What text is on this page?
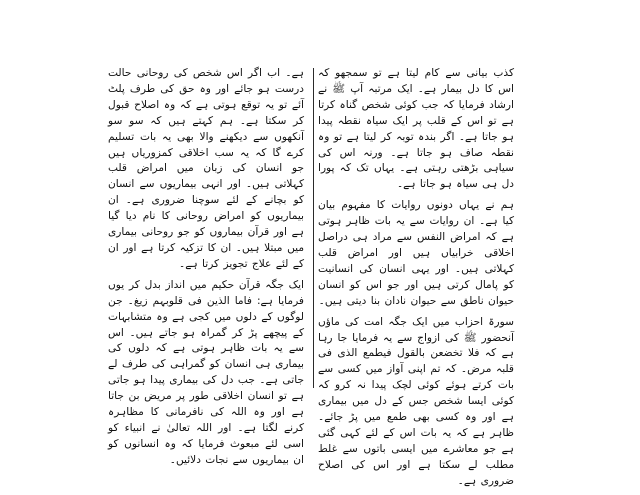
کذب بیانی سے کام لیتا ہے تو سمجھو کہ اس کا دل بیمار ہے۔ ایک مرتبہ آپ ﷺ نے ارشاد فرمایا کہ جب کوئی شخص گناہ کرتا ہے تو اس کے قلب پر ایک سیاہ نقطہ پیدا ہو جاتا ہے۔ اگر بندہ توبہ کر لیتا ہے تو وہ نقطہ صاف ہو جاتا ہے۔ ورنہ اس کی سیاہی بڑھتی رہتی ہے۔ یہاں تک کہ پورا دل ہی سیاہ ہو جاتا ہے۔

ہم نے یہاں دونوں روایات کا مفہوم بیان کیا ہے۔ ان روایات سے یہ بات ظاہر ہوتی ہے کہ امراض النفس سے مراد ہی دراصل اخلاقی خرابیاں ہیں اور امراض قلب کہلاتی ہیں۔ اور یہی انسان کی انسانیت کو پامال کرتی ہیں اور جو اس کو انسان حیوان ناطق سے حیوان نادان بنا دیتی ہیں۔

سورۃ احزاب میں ایک جگہ امت کی ماؤں آنحضور ﷺ کی ازواج سے یہ فرمایا جا رہا ہے کہ فلا تخضعن بالقول فیطمع الذی فی قلبہ مرض۔ کہ تم اپنی آواز میں کسی سے بات کرتے ہوئے کوئی لچک پیدا نہ کرو کہ کوئی ایسا شخص جس کے دل میں بیماری ہے اور وہ کسی بھی طمع میں پڑ جائے۔ ظاہر ہے کہ یہ بات اس کے لئے کہی گئی ہے جو معاشرے میں ایسی باتوں سے غلط مطلب لے سکتا ہے اور اس کی اصلاح ضروری ہے۔

ہے۔ اب اگر اس شخص کی روحانی حالت درست ہو جائے اور وہ حق کی طرف پلٹ آئے تو یہ توقع ہوتی ہے کہ وہ اصلاح قبول کر سکتا ہے۔ ہم کہتے ہیں کہ سو سو آنکھوں سے دیکھنے والا بھی یہ بات تسلیم کرے گا کہ یہ سب اخلاقی کمزوریاں ہیں جو انسان کی زبان میں امراض قلب کہلاتی ہیں۔ اور انہی بیماریوں سے انسان کو بچانے کے لئے سوچنا ضروری ہے۔ ان بیماریوں کو امراض روحانی کا نام دیا گیا ہے اور قرآن بیماروں کو جو روحانی بیماری میں مبتلا ہیں۔ ان کا تزکیہ کرتا ہے اور ان کے لئے علاج تجویز کرتا ہے۔

ایک جگہ قرآن حکیم میں انداز بدل کر یوں فرمایا ہے: فاما الذین فی قلوبہم زیغ۔ جن لوگوں کے دلوں میں کجی ہے وہ متشابہات کے پیچھے پڑ کر گمراہ ہو جاتے ہیں۔ اس سے یہ بات ظاہر ہوتی ہے کہ دلوں کی بیماری ہی انسان کو گمراہی کی طرف لے جاتی ہے۔ جب دل کی بیماری پیدا ہو جاتی ہے تو انسان اخلاقی طور پر مریض بن جاتا ہے اور وہ اللہ کی نافرمانی کا مظاہرہ کرنے لگتا ہے۔ اور اللہ تعالیٰ نے انبیاء کو اسی لئے مبعوث فرمایا کہ وہ انسانوں کو ان بیماریوں سے نجات دلائیں۔
